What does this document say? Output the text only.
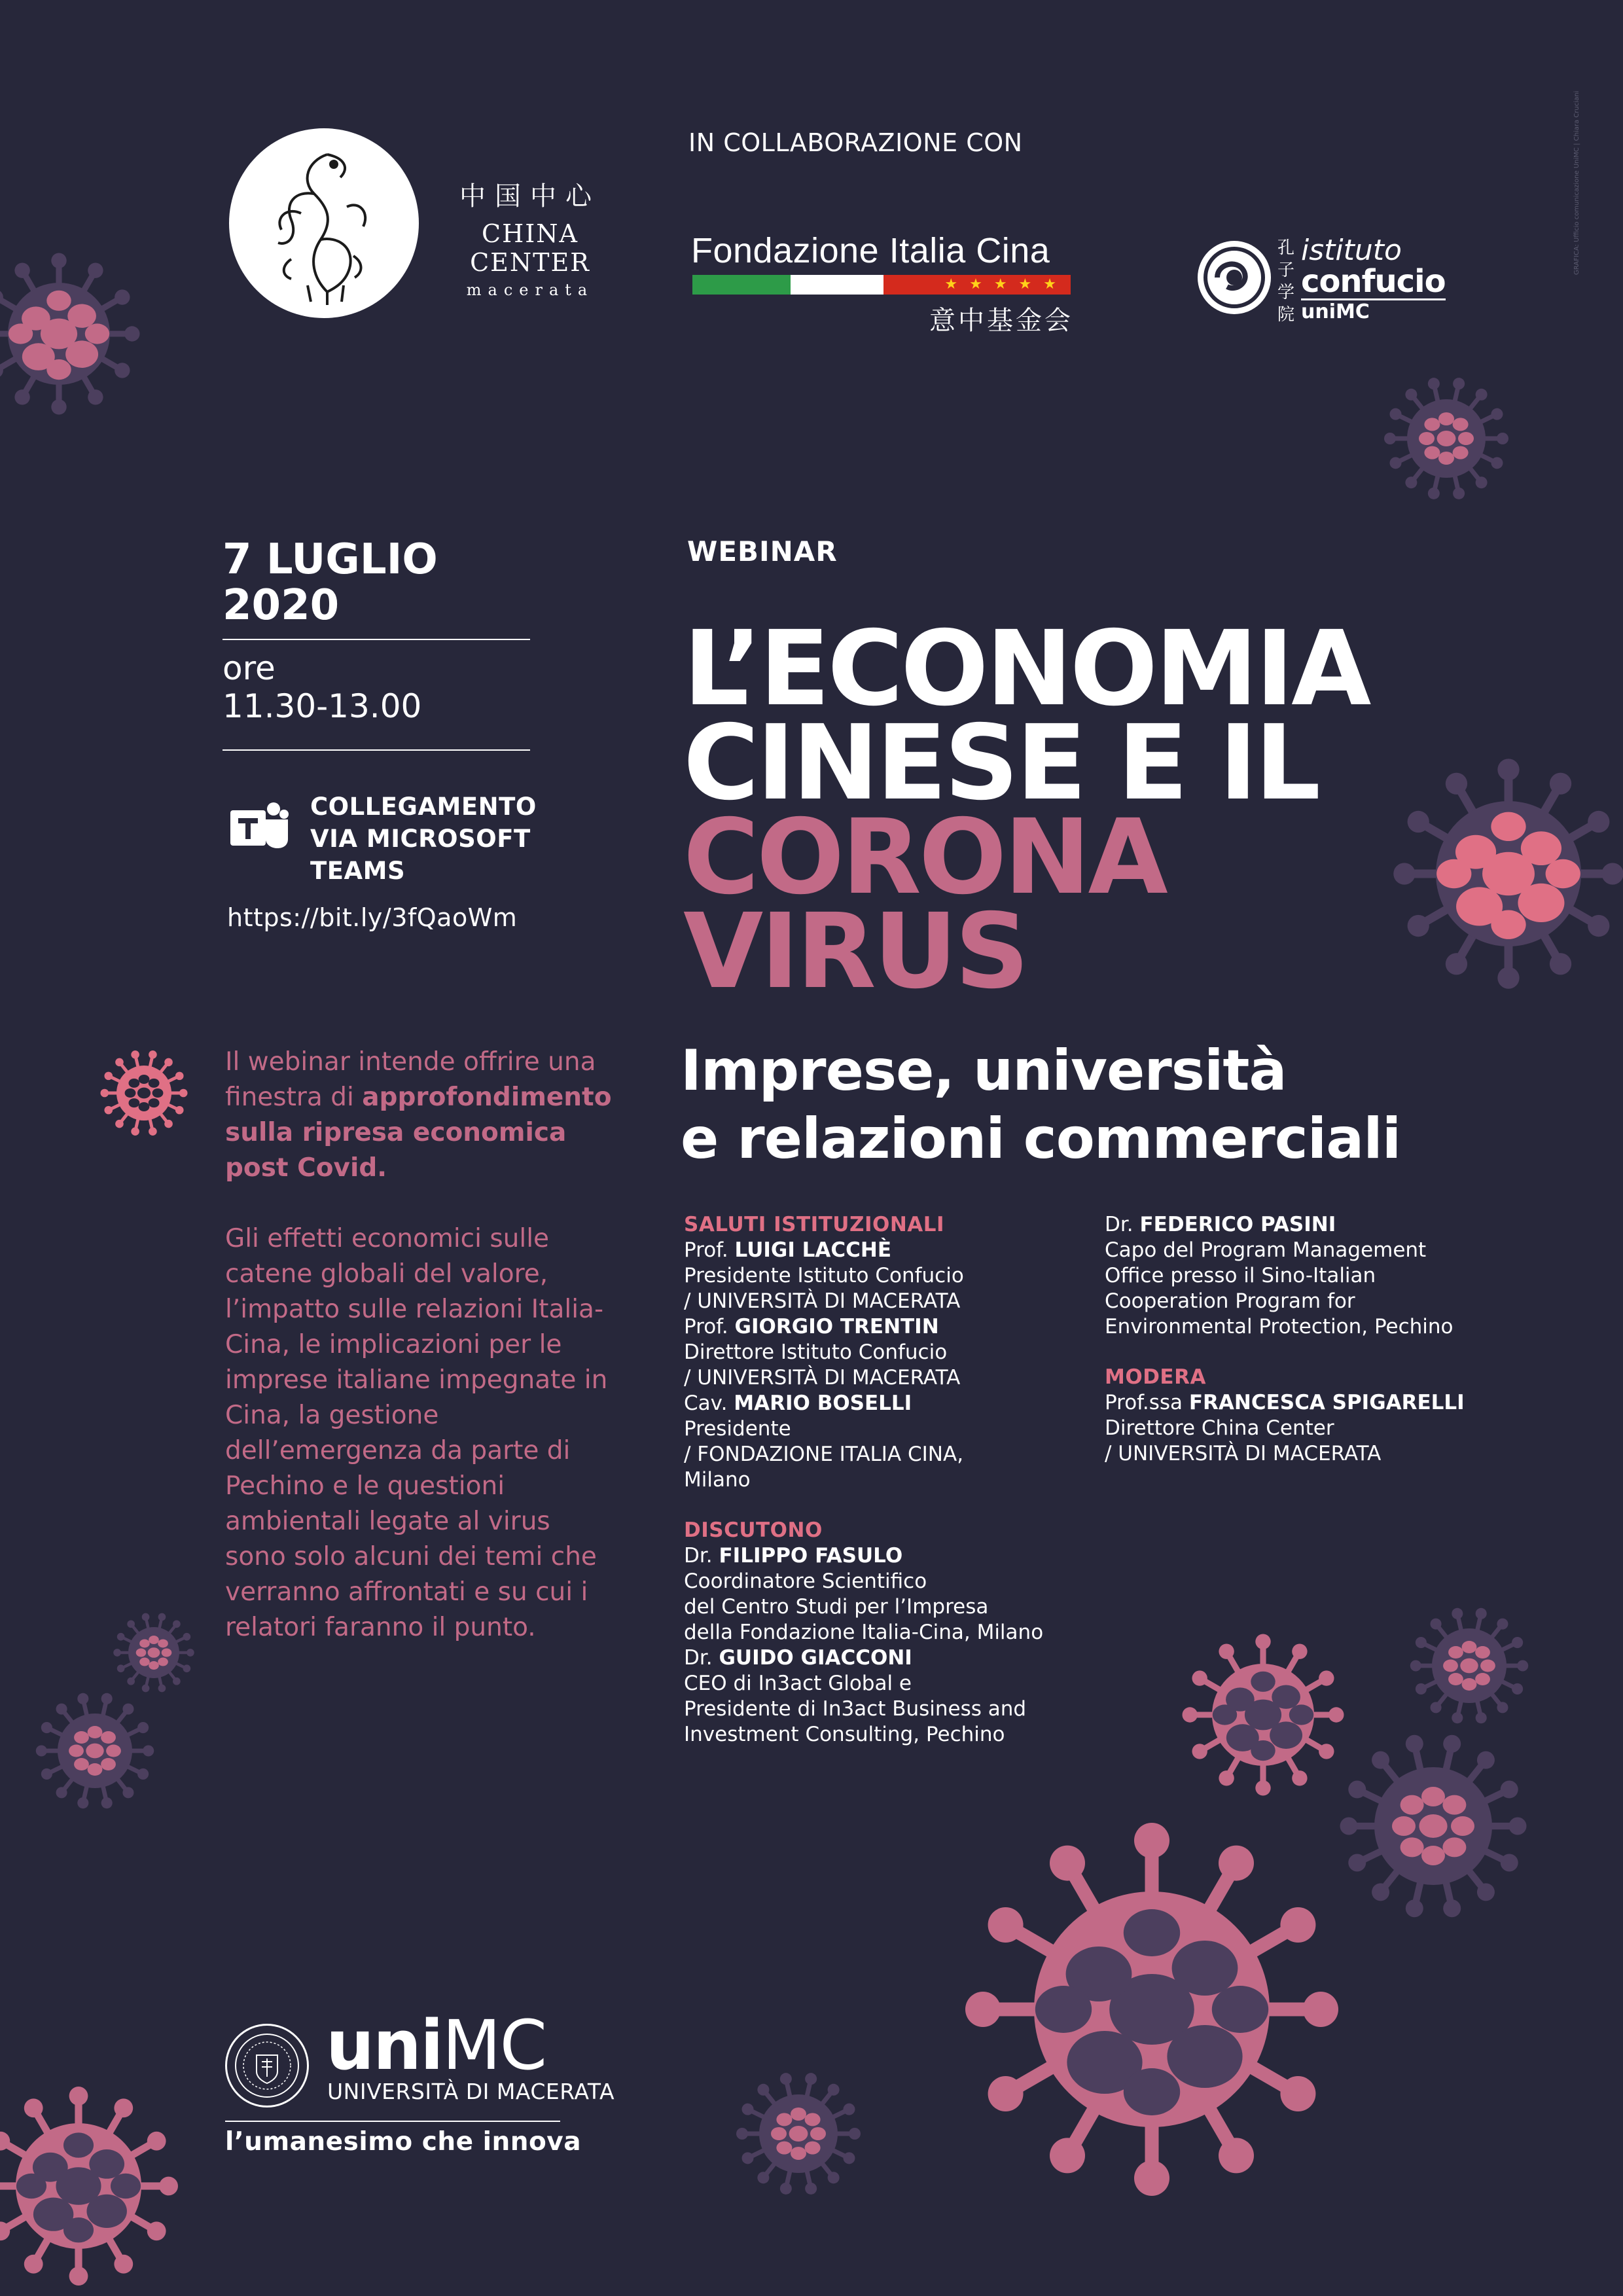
中国中心
CHINA CENTER
macerata
IN COLLABORAZIONE CON
Fondazione Italia Cina
★★★★★
意中基金会
孔子学院
istituto
confucio
uniMC
GRAFICA: Ufficio comunicazione UniMC | Chiara Cruciani
7 LUGLIO
2020
ore
11.30-13.00
COLLEGAMENTO
VIA MICROSOFT
TEAMS
https://bit.ly/3fQaoWm

Il webinar intende offrire una finestra di approfondimento sulla ripresa economica post Covid.

Gli effetti economici sulle catene globali del valore, l’impatto sulle relazioni Italia-Cina, le implicazioni per le imprese italiane impegnate in Cina, la gestione dell’emergenza da parte di Pechino e le questioni ambientali legate al virus sono solo alcuni dei temi che verranno affrontati e su cui i relatori faranno il punto.

WEBINAR
L’ECONOMIA
CINESE E IL
CORONA
VIRUS
Imprese, università
e relazioni commerciali
SALUTI ISTITUZIONALI
Prof. LUIGI LACCHÈ
Presidente Istituto Confucio
/ UNIVERSITÀ DI MACERATA
Prof. GIORGIO TRENTIN
Direttore Istituto Confucio
/ UNIVERSITÀ DI MACERATA
Cav. MARIO BOSELLI
Presidente
/ FONDAZIONE ITALIA CINA,
Milano
DISCUTONO
Dr. FILIPPO FASULO
Coordinatore Scientifico
del Centro Studi per l’Impresa
della Fondazione Italia-Cina, Milano
Dr. GUIDO GIACCONI
CEO di In3act Global e
Presidente di In3act Business and
Investment Consulting, Pechino
Dr. FEDERICO PASINI
Capo del Program Management
Office presso il Sino-Italian
Cooperation Program for
Environmental Protection, Pechino
MODERA
Prof.ssa FRANCESCA SPIGARELLI
Direttore China Center
/ UNIVERSITÀ DI MACERATA
uniMC
UNIVERSITÀ DI MACERATA
l’umanesimo che innova
